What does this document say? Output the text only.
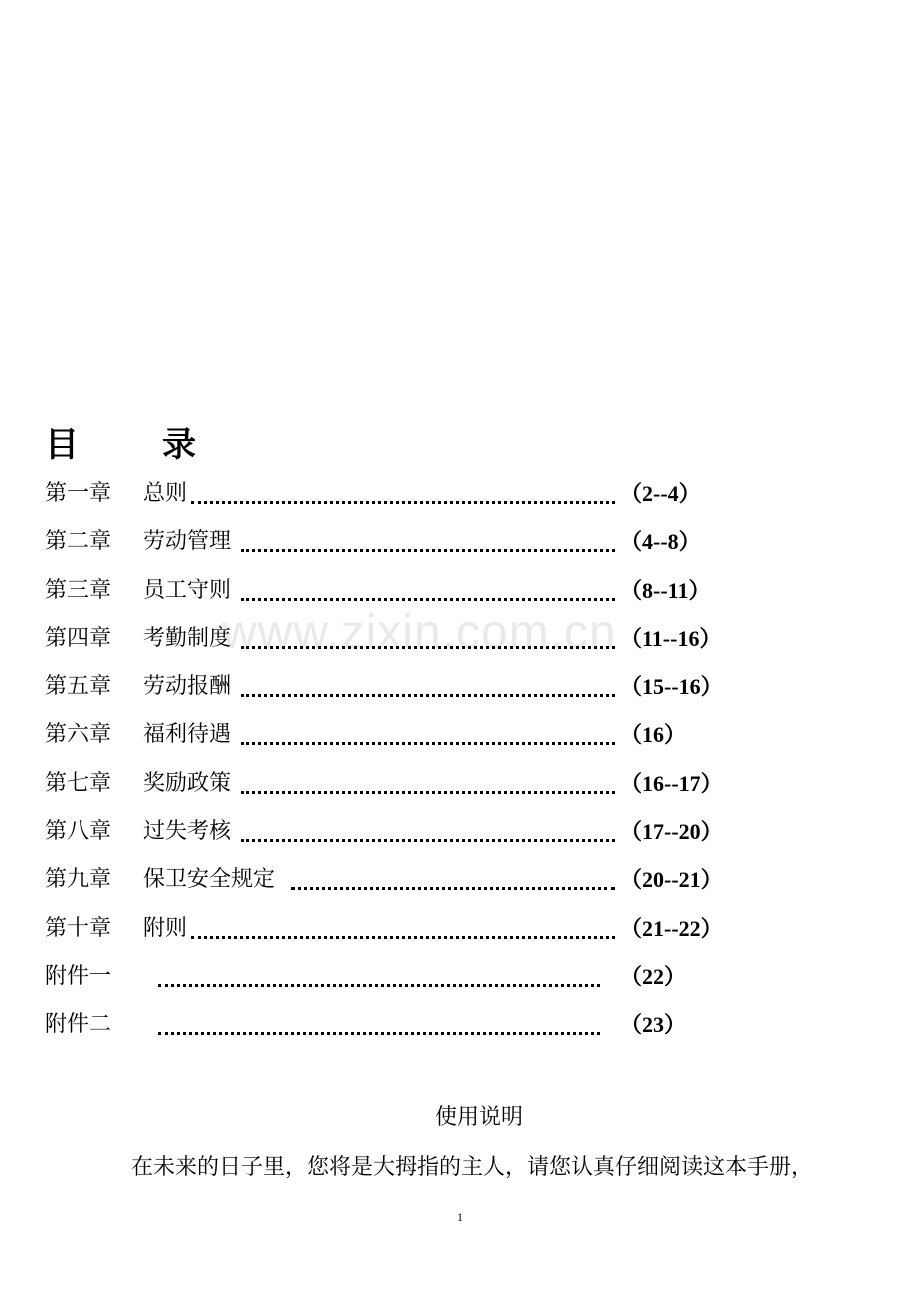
目 录
第一章 总则	（2--4）
第二章 劳动管理	（4--8）
第三章 员工守则	（8--11）
第四章 考勤制度	（11--16）
第五章 劳动报酬	（15--16）
第六章 福利待遇	（16）
第七章 奖励政策	（16--17）
第八章 过失考核	（17--20）
第九章 保卫安全规定	（20--21）
第十章 附则	（21--22）
附件一	（22）
附件二	（23）
www.zixin.com.cn
使用说明
在未来的日子里，您将是大拇指的主人，请您认真仔细阅读这本手册，
1
